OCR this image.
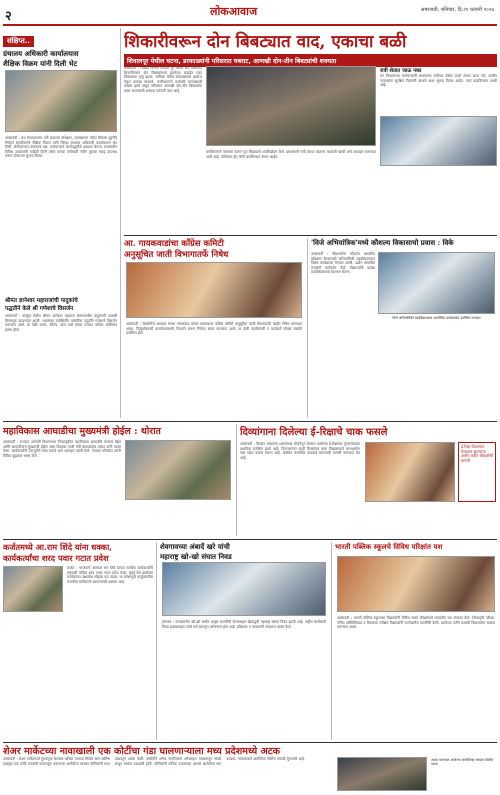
२	लोकआवाज	अमरावती, शनिवार, दि.२१ फरवरी २०२४
संक्षिप्त..
ग्रंथालय अधिकारी कार्यालयास
शैक्षिक विक्रम यांनी दिली भेट
अमरावती : ग्रंथ संचालनालय तर्फे ग्रंथालय प्रशिक्षण, व्यवस्थापन पडित विकास मुद्दलैंचे निवेदन सादरीकरणे सैक्षिक विक्रम यांनी जिल्हा ग्रंथालय अधिकारी कार्यालयास भेट दिली. भेटीदरम्यान वाचकांचे प्रश्न, कर्मचाऱ्यांचे कार्यपद्धतीचे आढावा घेतला. ग्रंथालयीन विविध उपक्रमांची माहिती दिली तसेच वाचक वर्गासाठी नवीन पुस्तक संग्रह उपलब्ध करून देण्याच्या सूचना दिल्या.
श्रीमंत ज्ञानेश्वर महाराजांची पादुकांचे
पद्धतीने केले श्री गणेशाचे विसर्जन
अमरावती : कामुंडा येथील श्रीमंत ज्ञानेश्वर महाराज संस्थानातील पादुकांची पालखी मिरवणूक काढण्यात आली. भक्तांच्या उपस्थितीत पारंपरिक पद्धतीने गणेशाचे विसर्जन करण्यात आले. या वेळी भजन, कीर्तन, ढोल ताशे यांच्या गजरात परिसर भक्तिमय झाला होता.
शिकारीवरून दोन बिबट्यात वाद, एकाचा बळी
शिवालपूर येथील घटना, डरकाळ्यांनी परिसरात घबराट, आणखी दोन-तीन बिबट्यांची शक्यता
अमरावती : चिखल विभाग शिवाल पूर येथील शेत परिसरात शिकारीवरून दोन बिबट्यांमध्ये झालेल्या लढाईत एका बिबट्याचा मृत्यू झाला. रात्रीच्या वेळेस डरकाळ्यांचा आवाज ऐकून ग्रामस्थ घाबरले. वनविभागाचे कर्मचारी घटनास्थळी दाखल झाले असून परिसरात आणखी दोन-तीन बिबट्यांचा वावर असल्याची शक्यता वर्तवली जात आहे.
वनविभागाने पंचनामा करून मृत बिबट्याचे शवविच्छेदन केले. ग्रामस्थांनी रात्री शेतात जाताना काळजी घ्यावी असे आवाहन करण्यात आले आहे. परिसरात ट्रॅप कॅमेरे बसविण्यात येणार आहेत.
रात्री शेतात जाऊ नका
वन विभागाच्या कर्मचाऱ्यांनी ग्रामस्थांना रात्रीच्या वेळेस एकटे शेतात जाऊ नये, पाळीव जनावरांना सुरक्षित ठिकाणी बांधावे अशा सूचना दिल्या आहेत. गस्त वाढविण्यात आली आहे.
आ. गायकवाडांचा काँग्रेस कमिटी
अनुसूचित जाती विभागातर्फे निषेध
अमरावती : शिवसेनेचे आमदार संजय गायकवाड यांच्या वक्तव्याचा काँग्रेस कमिटी अनुसूचित जाती विभागातर्फे जाहीर निषेध करण्यात आला. जिल्हाधिकारी कार्यालयासमोर निदर्शने करून निवेदन सादर करण्यात आले. या वेळी पदाधिकारी व कार्यकर्ते मोठ्या संख्येने उपस्थित होते.
'विजे अभियांत्रिक'मध्ये कौशल्य विकासाचो प्रवास : विके
विजे अभियांत्रिकी महाविद्यालयात आयोजित कार्यशाळेत उपस्थित मान्यवर
अमरावती : विद्यार्थ्यांना कौशल्य आधारित प्रशिक्षण देण्यासाठी अभियांत्रिकी महाविद्यालयात विशेष कार्यशाळा घेण्यात आली. उद्योग क्षेत्रातील तज्ज्ञांनी मार्गदर्शन केले. विद्यार्थ्यांनी प्रत्यक्ष प्रात्यक्षिकांमध्ये सहभाग घेतला.
महाविकास आघाडीचा मुख्यमंत्री होईल : थोरात
अमरावती : राज्यात आगामी विधानसभा निवडणुकीत महाविकास आघाडीचे सरकार येईल आणि आघाडीचाच मुख्यमंत्री होईल असा विश्वास माजी मंत्री बाळासाहेब थोरात यांनी व्यक्त केला. कार्यकर्त्यांनी एकजुटीने काम करावे असे आवाहन त्यांनी केले. पत्रकार परिषदेत त्यांनी विविध मुद्द्यांवर भाष्य केले.
दिव्यांगाना दिलेल्या ई-रिक्षाचे चाक फसले
अमरावती : दिव्यांग बांधवांना शासनाच्या योजनेतून देण्यात आलेल्या ई-रिक्षांच्या गुणवत्तेबाबत प्रश्नचिन्ह उपस्थित झाले आहे. वितरणानंतर काही दिवसांतच चाक निखळल्याने लाभार्थ्यांना त्रास सहन करावा लागत आहे. संबंधित कंपनीवर कारवाई करण्याची मागणी करण्यात येत आहे.
ई-रिक्षा वितरणात गैरप्रकार झाल्याचा आरोप करीत चौकशीची मागणी
कर्जतमध्ये आ.राम शिंदे यांना धक्का,
कार्यकर्त्यांचा शरद पवार गटात प्रवेश
कर्जत : भाजपाचे आमदार राम शिंदे यांच्या समर्थक कार्यकर्त्यांनी राष्ट्रवादी काँग्रेस शरद पवार गटात प्रवेश केला. मुंबई येथे झालेल्या कार्यक्रमात पक्षप्रवेश सोहळा पार पडला. या प्रवेशामुळे तालुक्यातील राजकीय समीकरणे बदलण्याची शक्यता आहे.
शेवगावच्या अंबादें खरे यांची
महाराष्ट्र खो-खो संघात निवड
शेवगाव : राज्यस्तरीय खो-खो स्पर्धेत उत्कृष्ट कामगिरी केल्याबद्दल खेळाडूची महाराष्ट्र संघात निवड झाली आहे. राष्ट्रीय स्पर्धेसाठी निवड झाल्याबद्दल त्याचे सर्व स्तरातून अभिनंदन होत आहे. प्रशिक्षक व पालकांनी समाधान व्यक्त केले.
भारती पब्लिक स्कूलचे विविध परिक्षांत यश
अमरावती : भारती पब्लिक स्कूलच्या विद्यार्थ्यांनी विविध स्पर्धा परिक्षांमध्ये घवघवीत यश संपादन केले. शिष्यवृत्ती परीक्षा, गणित ऑलिम्पियाड व चित्रकला परीक्षेत विद्यार्थ्यांनी उल्लेखनीय कामगिरी केली. शाळेच्या वतीने यशस्वी विद्यार्थ्यांचा सत्कार करण्यात आला.
शेअर मार्केटच्या नावाखाली एक कोटींचा गंडा घालणाऱ्याला मध्य प्रदेशमध्ये अटक
अमरावती : शेअर मार्केटमध्ये गुंतवणूक केल्यास अधिक परतावा मिळेल असे आमिष दाखवून एक कोटी रुपयांची फसवणूक करणाऱ्या आरोपीला सायबर पोलिसांनी मध्य प्रदेशातून अटक केली. आरोपीने अनेक नागरिकांना ऑनलाइन माध्यमातून संपर्क साधून रक्कम उकळली होती. पोलिसांनी तांत्रिक तपासाच्या आधारे आरोपीचा माग काढला. न्यायालयाने आरोपीला पोलीस कोठडी सुनावली आहे.	अटक करण्यात आलेल्या आरोपीसह सायबर पोलीस पथक
